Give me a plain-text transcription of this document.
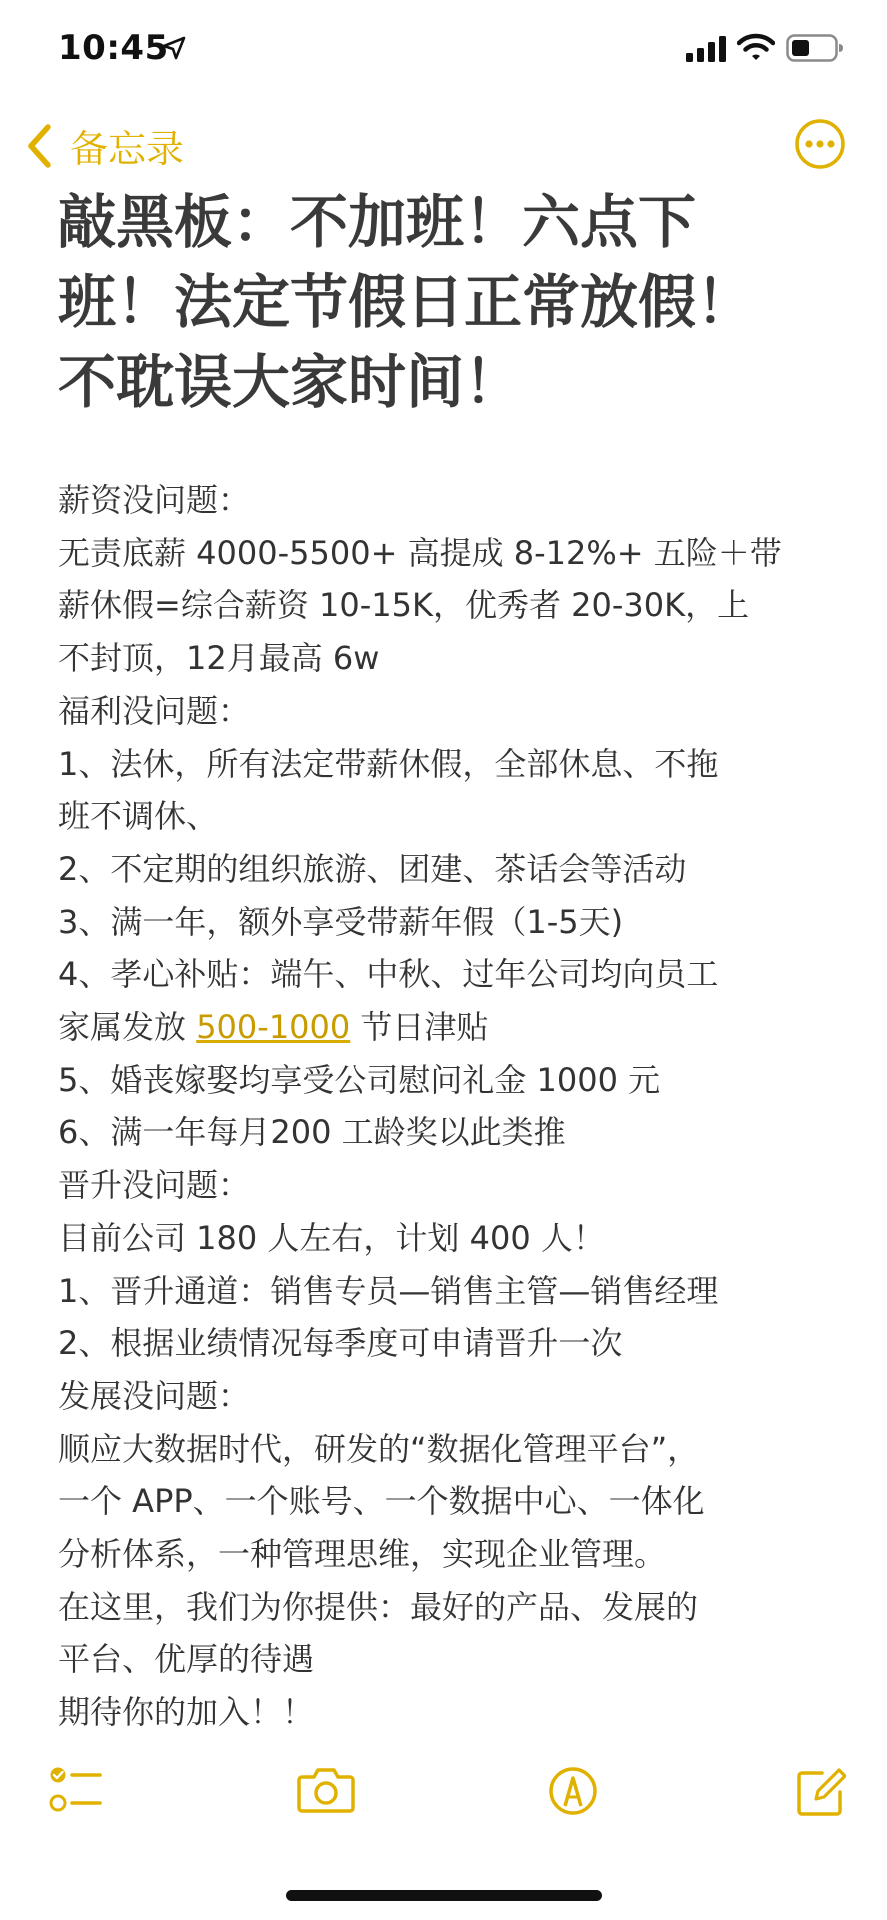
10:45
备忘录
敲黑板：不加班！六点下
班！法定节假日正常放假！
不耽误大家时间！
薪资没问题：
无责底薪 4000-5500+ 高提成 8-12%+ 五险＋带
薪休假=综合薪资 10-15K，优秀者 20-30K，上
不封顶，12月最高 6w
福利没问题：
1、法休，所有法定带薪休假，全部休息、不拖
班不调休、
2、不定期的组织旅游、团建、茶话会等活动
3、满一年，额外享受带薪年假（1-5天)
4、孝心补贴：端午、中秋、过年公司均向员工
家属发放 500-1000 节日津贴
5、婚丧嫁娶均享受公司慰问礼金 1000 元
6、满一年每月200 工龄奖以此类推
晋升没问题：
目前公司 180 人左右，计划 400 人！
1、晋升通道：销售专员—销售主管—销售经理
2、根据业绩情况每季度可申请晋升一次
发展没问题：
顺应大数据时代，研发的“数据化管理平台”，
一个 APP、一个账号、一个数据中心、一体化
分析体系，一种管理思维，实现企业管理。
在这里，我们为你提供：最好的产品、发展的
平台、优厚的待遇
期待你的加入！！
